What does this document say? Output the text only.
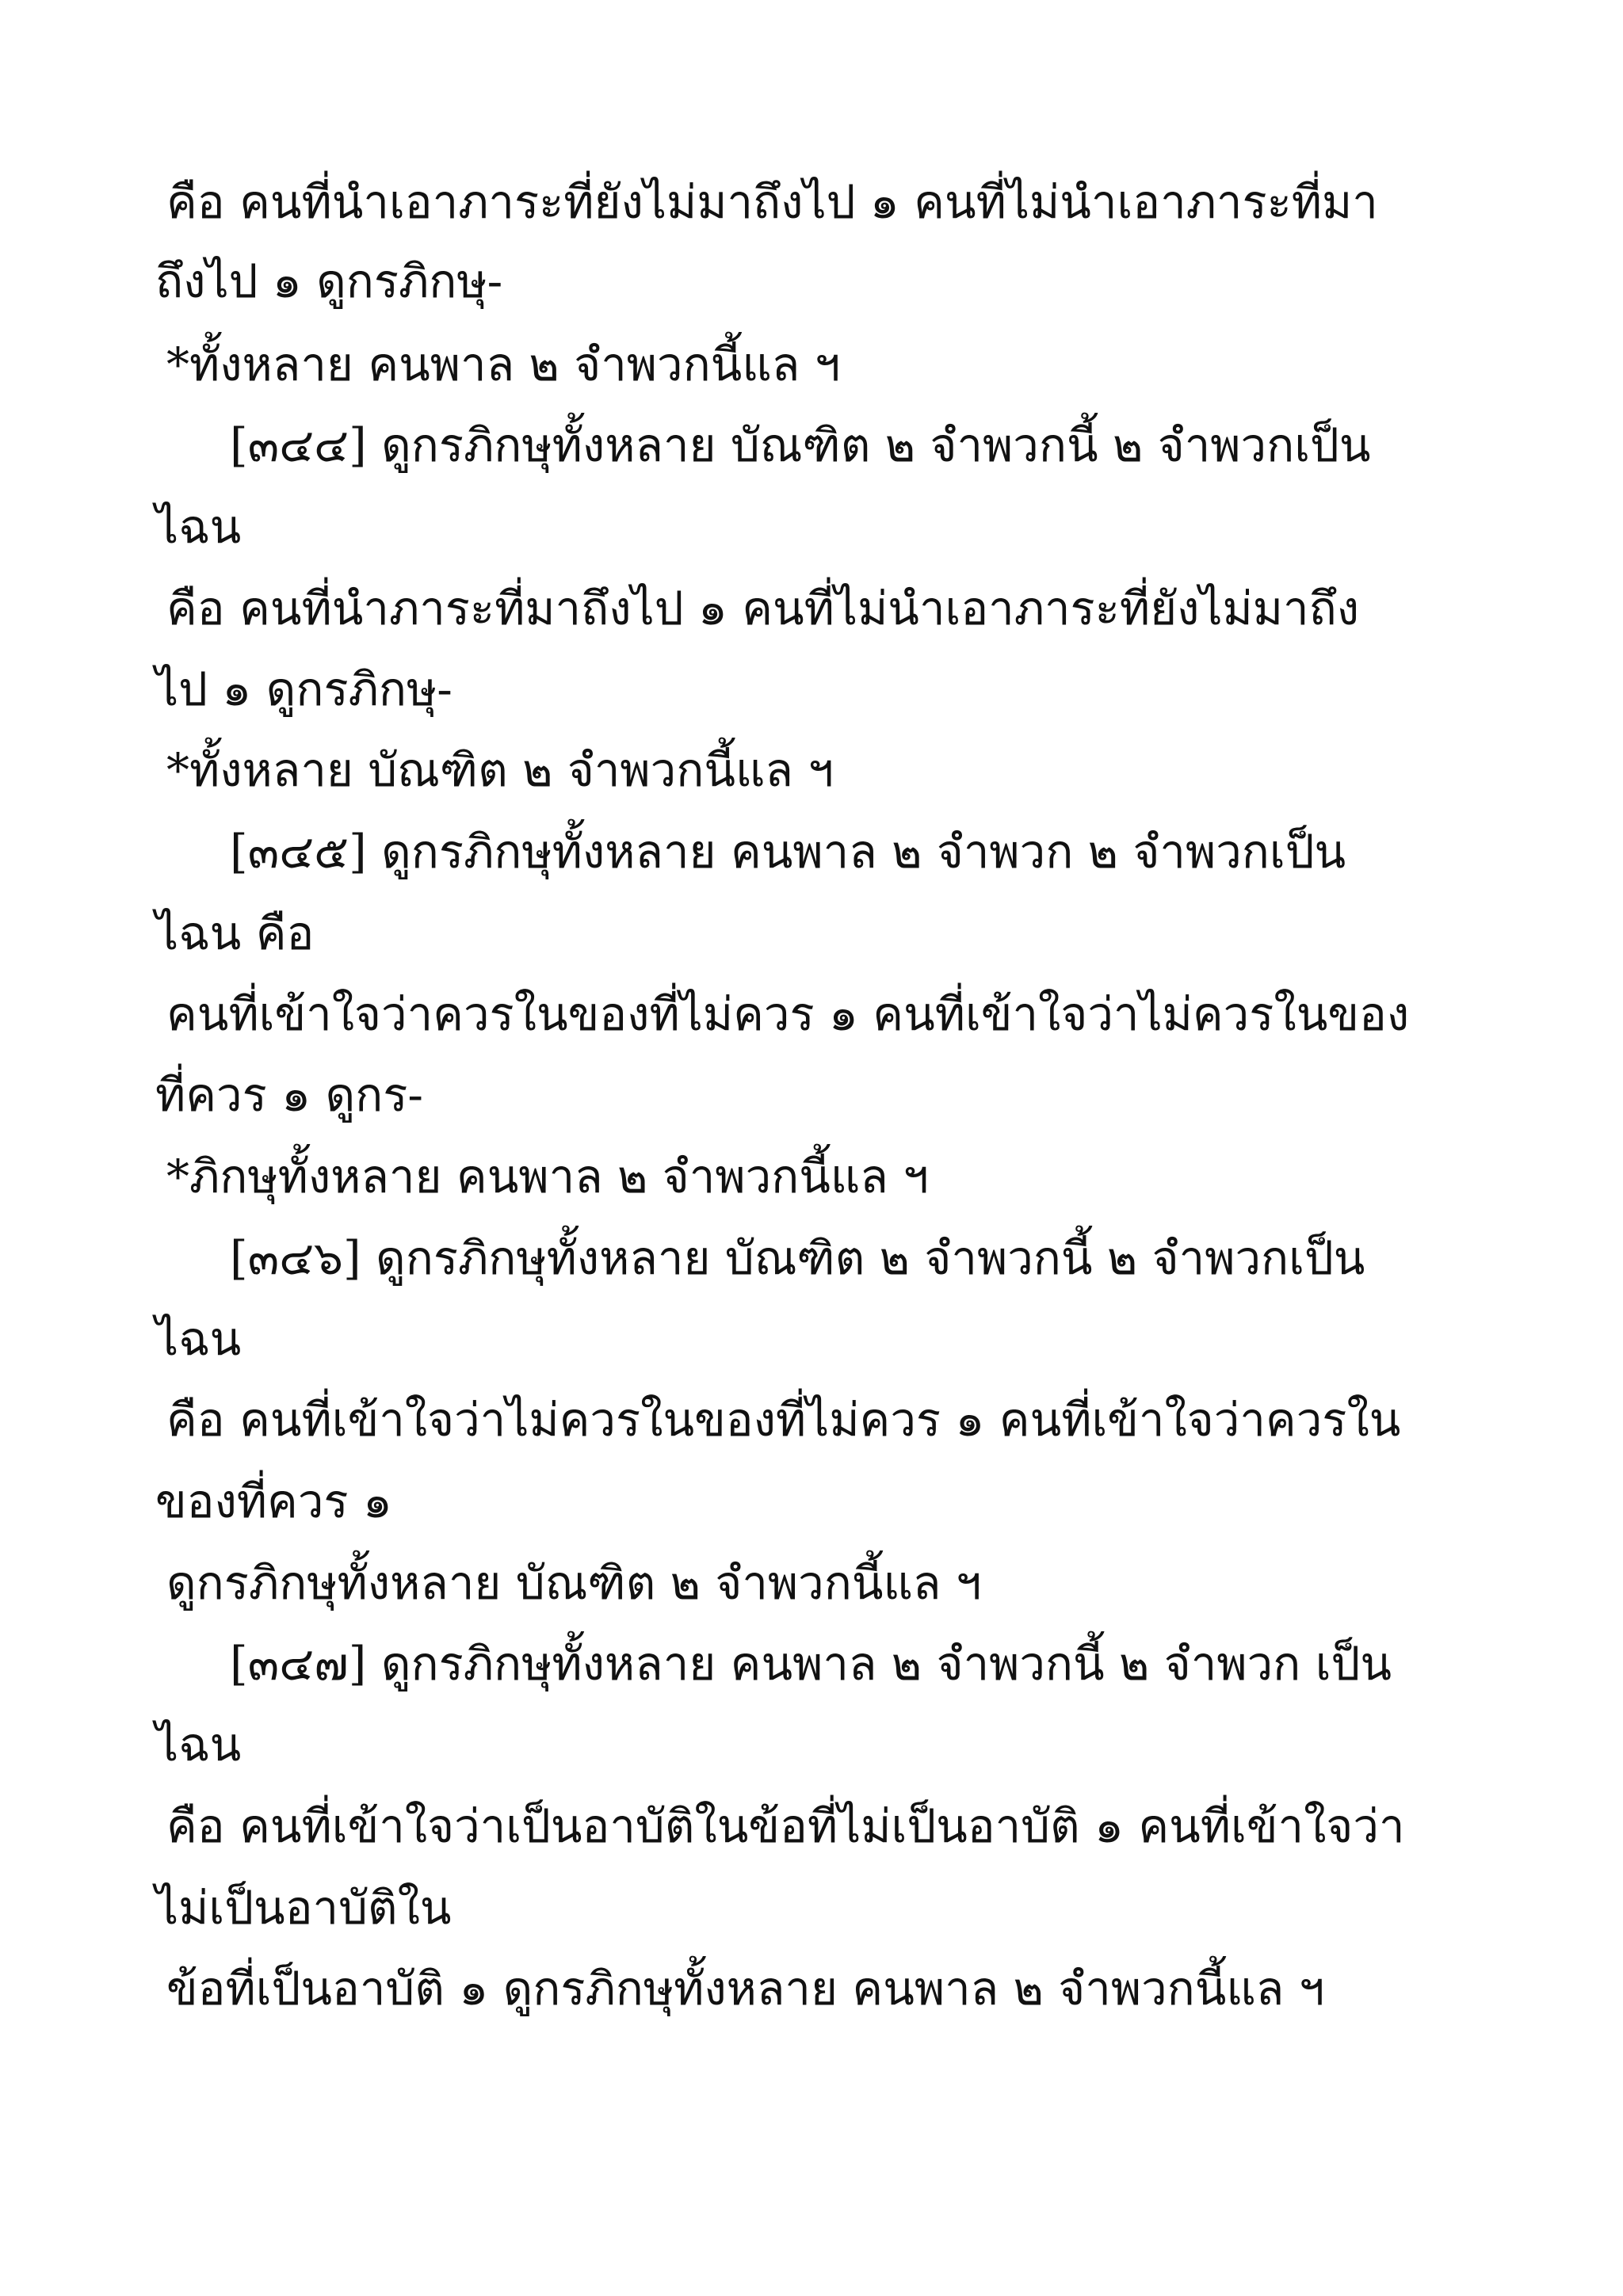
คือ คนที่นำเอาภาระที่ยังไม่มาถึงไป ๑ คนที่ไม่นำเอาภาระที่มา
ถึงไป ๑ ดูกรภิกษุ-
*ทั้งหลาย คนพาล ๒ จำพวกนี้แล ฯ
[๓๔๔] ดูกรภิกษุทั้งหลาย บัณฑิต ๒ จำพวกนี้ ๒ จำพวกเป็น
ไฉน
คือ คนที่นำภาระที่มาถึงไป ๑ คนที่ไม่นำเอาภาระที่ยังไม่มาถึง
ไป ๑ ดูกรภิกษุ-
*ทั้งหลาย บัณฑิต ๒ จำพวกนี้แล ฯ
[๓๔๕] ดูกรภิกษุทั้งหลาย คนพาล ๒ จำพวก ๒ จำพวกเป็น
ไฉน คือ
คนที่เข้าใจว่าควรในของที่ไม่ควร ๑ คนที่เข้าใจว่าไม่ควรในของ
ที่ควร ๑ ดูกร-
*ภิกษุทั้งหลาย คนพาล ๒ จำพวกนี้แล ฯ
[๓๔๖] ดูกรภิกษุทั้งหลาย บัณฑิต ๒ จำพวกนี้ ๒ จำพวกเป็น
ไฉน
คือ คนที่เข้าใจว่าไม่ควรในของที่ไม่ควร ๑ คนที่เข้าใจว่าควรใน
ของที่ควร ๑
ดูกรภิกษุทั้งหลาย บัณฑิต ๒ จำพวกนี้แล ฯ
[๓๔๗] ดูกรภิกษุทั้งหลาย คนพาล ๒ จำพวกนี้ ๒ จำพวก เป็น
ไฉน
คือ คนที่เข้าใจว่าเป็นอาบัติในข้อที่ไม่เป็นอาบัติ ๑ คนที่เข้าใจว่า
ไม่เป็นอาบัติใน
ข้อที่เป็นอาบัติ ๑ ดูกรภิกษุทั้งหลาย คนพาล ๒ จำพวกนี้แล ฯ
